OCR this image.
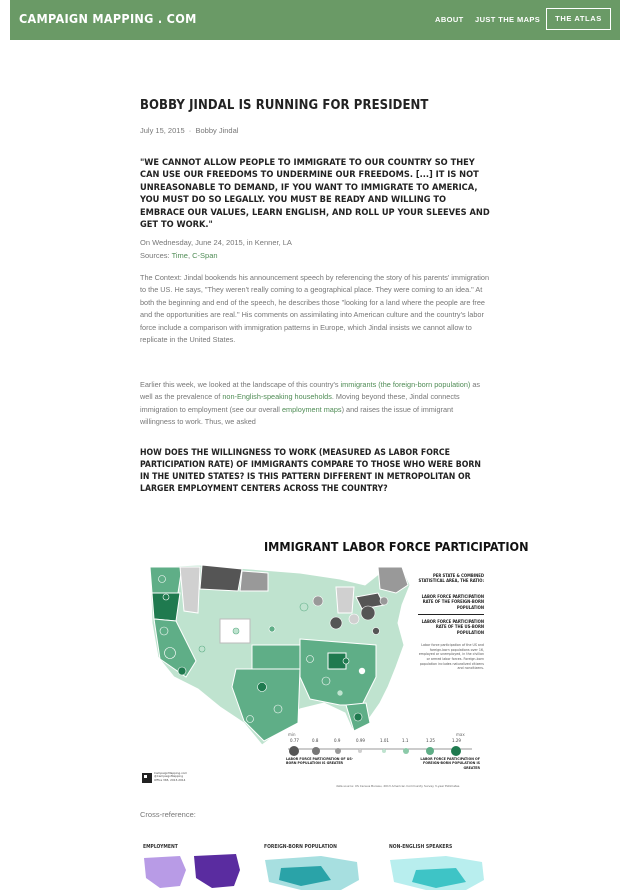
CAMPAIGN MAPPING . COM	ABOUT JUST THE MAPS	THE ATLAS
BOBBY JINDAL IS RUNNING FOR PRESIDENT
July 15, 2015 · Bobby Jindal

"WE CANNOT ALLOW PEOPLE TO IMMIGRATE TO OUR COUNTRY SO THEY CAN USE OUR FREEDOMS TO UNDERMINE OUR FREEDOMS. [...] IT IS NOT UNREASONABLE TO DEMAND, IF YOU WANT TO IMMIGRATE TO AMERICA, YOU MUST DO SO LEGALLY. YOU MUST BE READY AND WILLING TO EMBRACE OUR VALUES, LEARN ENGLISH, AND ROLL UP YOUR SLEEVES AND GET TO WORK."

On Wednesday, June 24, 2015, in Kenner, LA
Sources: Time, C-Span

The Context: Jindal bookends his announcement speech by referencing the story of his parents' immigration to the US. He says, "They weren't really coming to a geographical place. They were coming to an idea." At both the beginning and end of the speech, he describes those "looking for a land where the people are free and the opportunities are real." His comments on assimilating into American culture and the country's labor force include a comparison with immigration patterns in Europe, which Jindal insists we cannot allow to replicate in the United States.

Earlier this week, we looked at the landscape of this country's immigrants (the foreign-born population) as well as the prevalence of non-English-speaking households. Moving beyond these, Jindal connects immigration to employment (see our overall employment maps) and raises the issue of immigrant willingness to work. Thus, we asked

HOW DOES THE WILLINGNESS TO WORK (MEASURED AS LABOR FORCE PARTICIPATION RATE) OF IMMIGRANTS COMPARE TO THOSE WHO WERE BORN IN THE UNITED STATES? IS THIS PATTERN DIFFERENT IN METROPOLITAN OR LARGER EMPLOYMENT CENTERS ACROSS THE COUNTRY?

IMMIGRANT LABOR FORCE PARTICIPATION
PER STATE & COMBINED STATISTICAL AREA, THE RATIO:
LABOR FORCE PARTICIPATION RATE OF THE FOREIGN-BORN POPULATION
LABOR FORCE PARTICIPATION RATE OF THE US-BORN POPULATION
Labor force participation of the US and foreign-born populations over 16, employed or unemployed, in the civilian or armed labor forces. Foreign-born population includes naturalized citizens and noncitizens.
min	max
0.77	0.8	0.9	0.99	1.01	1.1	1.25	1.29
LABOR FORCE PARTICIPATION OF US-BORN POPULATION IS GREATER
LABOR FORCE PARTICIPATION OF FOREIGN-BORN POPULATION IS GREATER
CampaignMapping.com
@CampaignMapping
Office 365, 2013-2014
data source: US Census Bureau, 2013 American Community Survey 3-year Estimates
Cross-reference:
EMPLOYMENT	FOREIGN-BORN POPULATION	NON-ENGLISH SPEAKERS
